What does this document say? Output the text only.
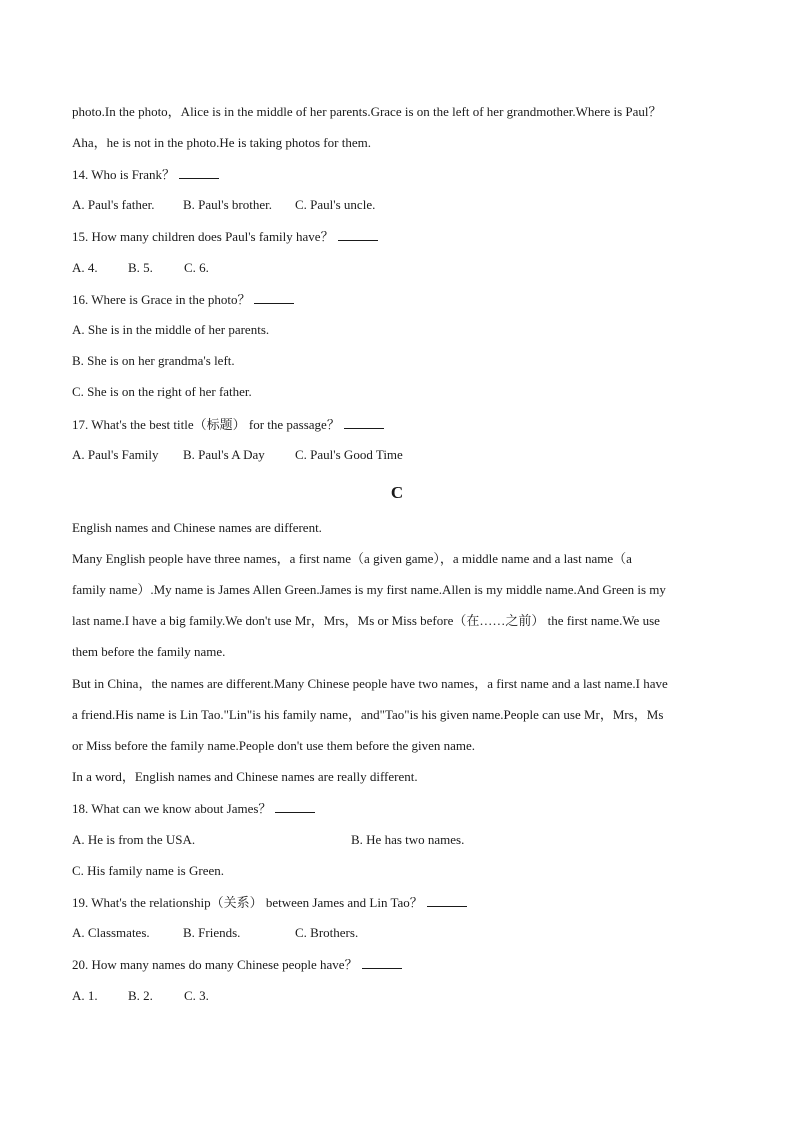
photo.In the photo，Alice is in the middle of her parents.Grace is on the left of her grandmother.Where is Paul？
Aha，he is not in the photo.He is taking photos for them.
14. Who is Frank？
A. Paul's father. B. Paul's brother. C. Paul's uncle.
15. How many children does Paul's family have？
A. 4. B. 5. C. 6.
16. Where is Grace in the photo？
A. She is in the middle of her parents.
B. She is on her grandma's left.
C. She is on the right of her father.
17. What's the best title（标题） for the passage？
A. Paul's Family B. Paul's A Day C. Paul's Good Time
C
English names and Chinese names are different.
Many English people have three names，a first name（a given game），a middle name and a last name（a
family name）.My name is James Allen Green.James is my first name.Allen is my middle name.And Green is my
last name.I have a big family.We don't use Mr，Mrs，Ms or Miss before（在……之前） the first name.We use
them before the family name.
But in China，the names are different.Many Chinese people have two names，a first name and a last name.I have
a friend.His name is Lin Tao."Lin"is his family name，and"Tao"is his given name.People can use Mr，Mrs，Ms
or Miss before the family name.People don't use them before the given name.
In a word，English names and Chinese names are really different.
18. What can we know about James？
A. He is from the USA.	B. He has two names.
C. His family name is Green.
19. What's the relationship（关系） between James and Lin Tao？
A. Classmates.	B. Friends.	C. Brothers.
20. How many names do many Chinese people have？
A. 1. B. 2. C. 3.
